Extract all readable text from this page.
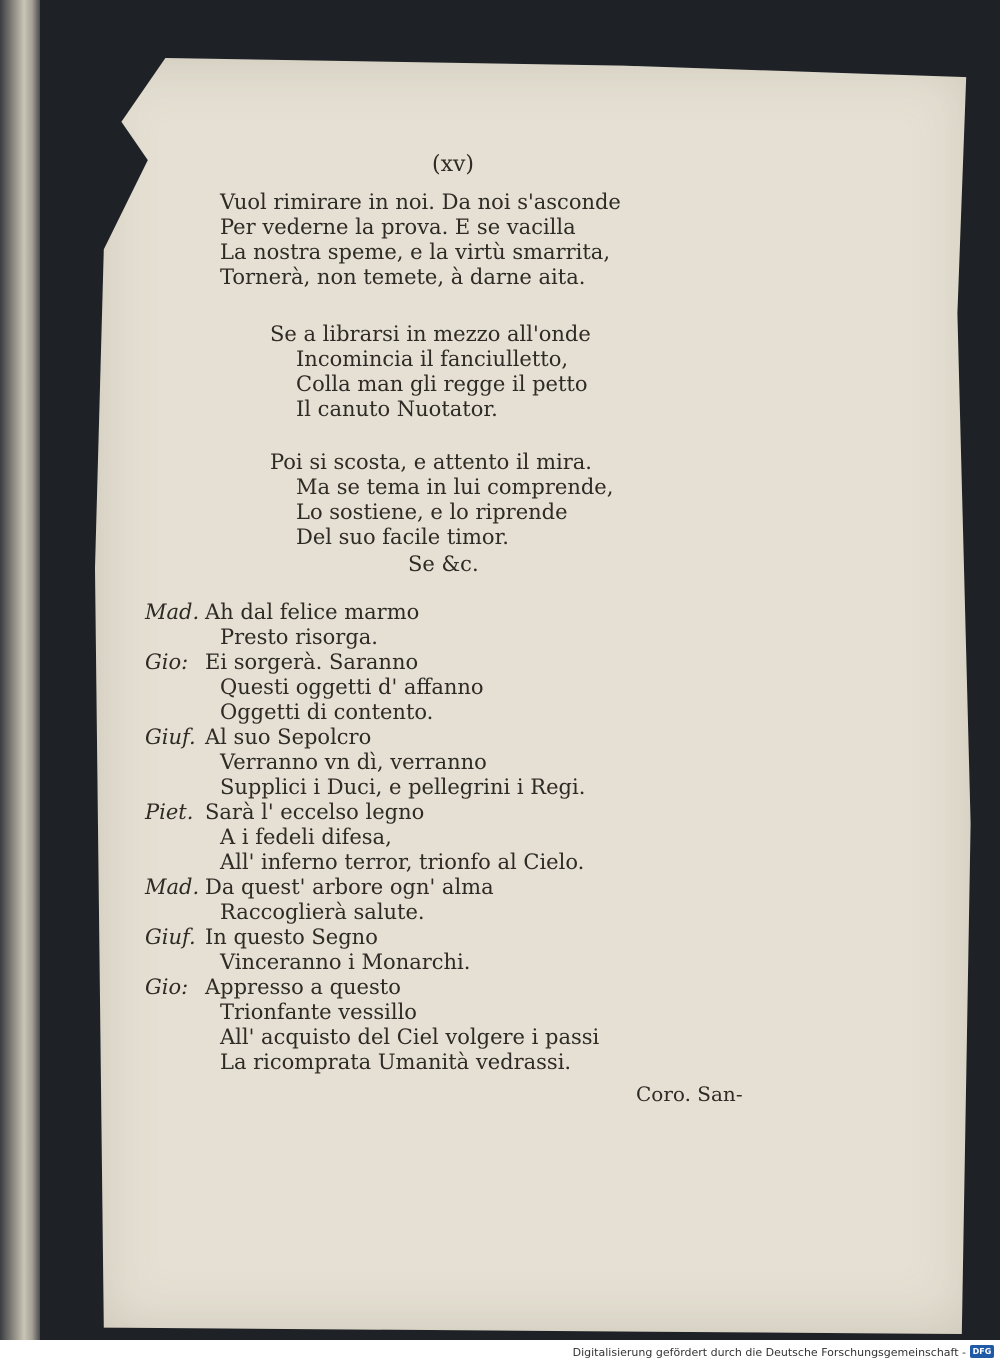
(xv)
Vuol rimirare in noi. Da noi s'asconde
Per vederne la prova. E se vacilla
La nostra speme, e la virtù smarrita,
Tornerà, non temete, à darne aita.
Se a librarsi in mezzo all'onde
Incomincia il fanciulletto,
Colla man gli regge il petto
Il canuto Nuotator.
Poi si scosta, e attento il mira.
Ma se tema in lui comprende,
Lo sostiene, e lo riprende
Del suo facile timor.
Se &c.
Mad. Ah dal felice marmo
Presto risorga.
Gio: Ei sorgerà. Saranno
Questi oggetti d' affanno
Oggetti di contento.
Giuf. Al suo Sepolcro
Verranno vn dì, verranno
Supplici i Duci, e pellegrini i Regi.
Piet. Sarà l' eccelso legno
A i fedeli difesa,
All' inferno terror, trionfo al Cielo.
Mad. Da quest' arbore ogn' alma
Raccoglierà salute.
Giuf. In questo Segno
Vinceranno i Monarchi.
Gio: Appresso a questo
Trionfante vessillo
All' acquisto del Ciel volgere i passi
La ricomprata Umanità vedrassi.
Coro. San-
Digitalisierung gefördert durch die Deutsche Forschungsgemeinschaft - DFG
